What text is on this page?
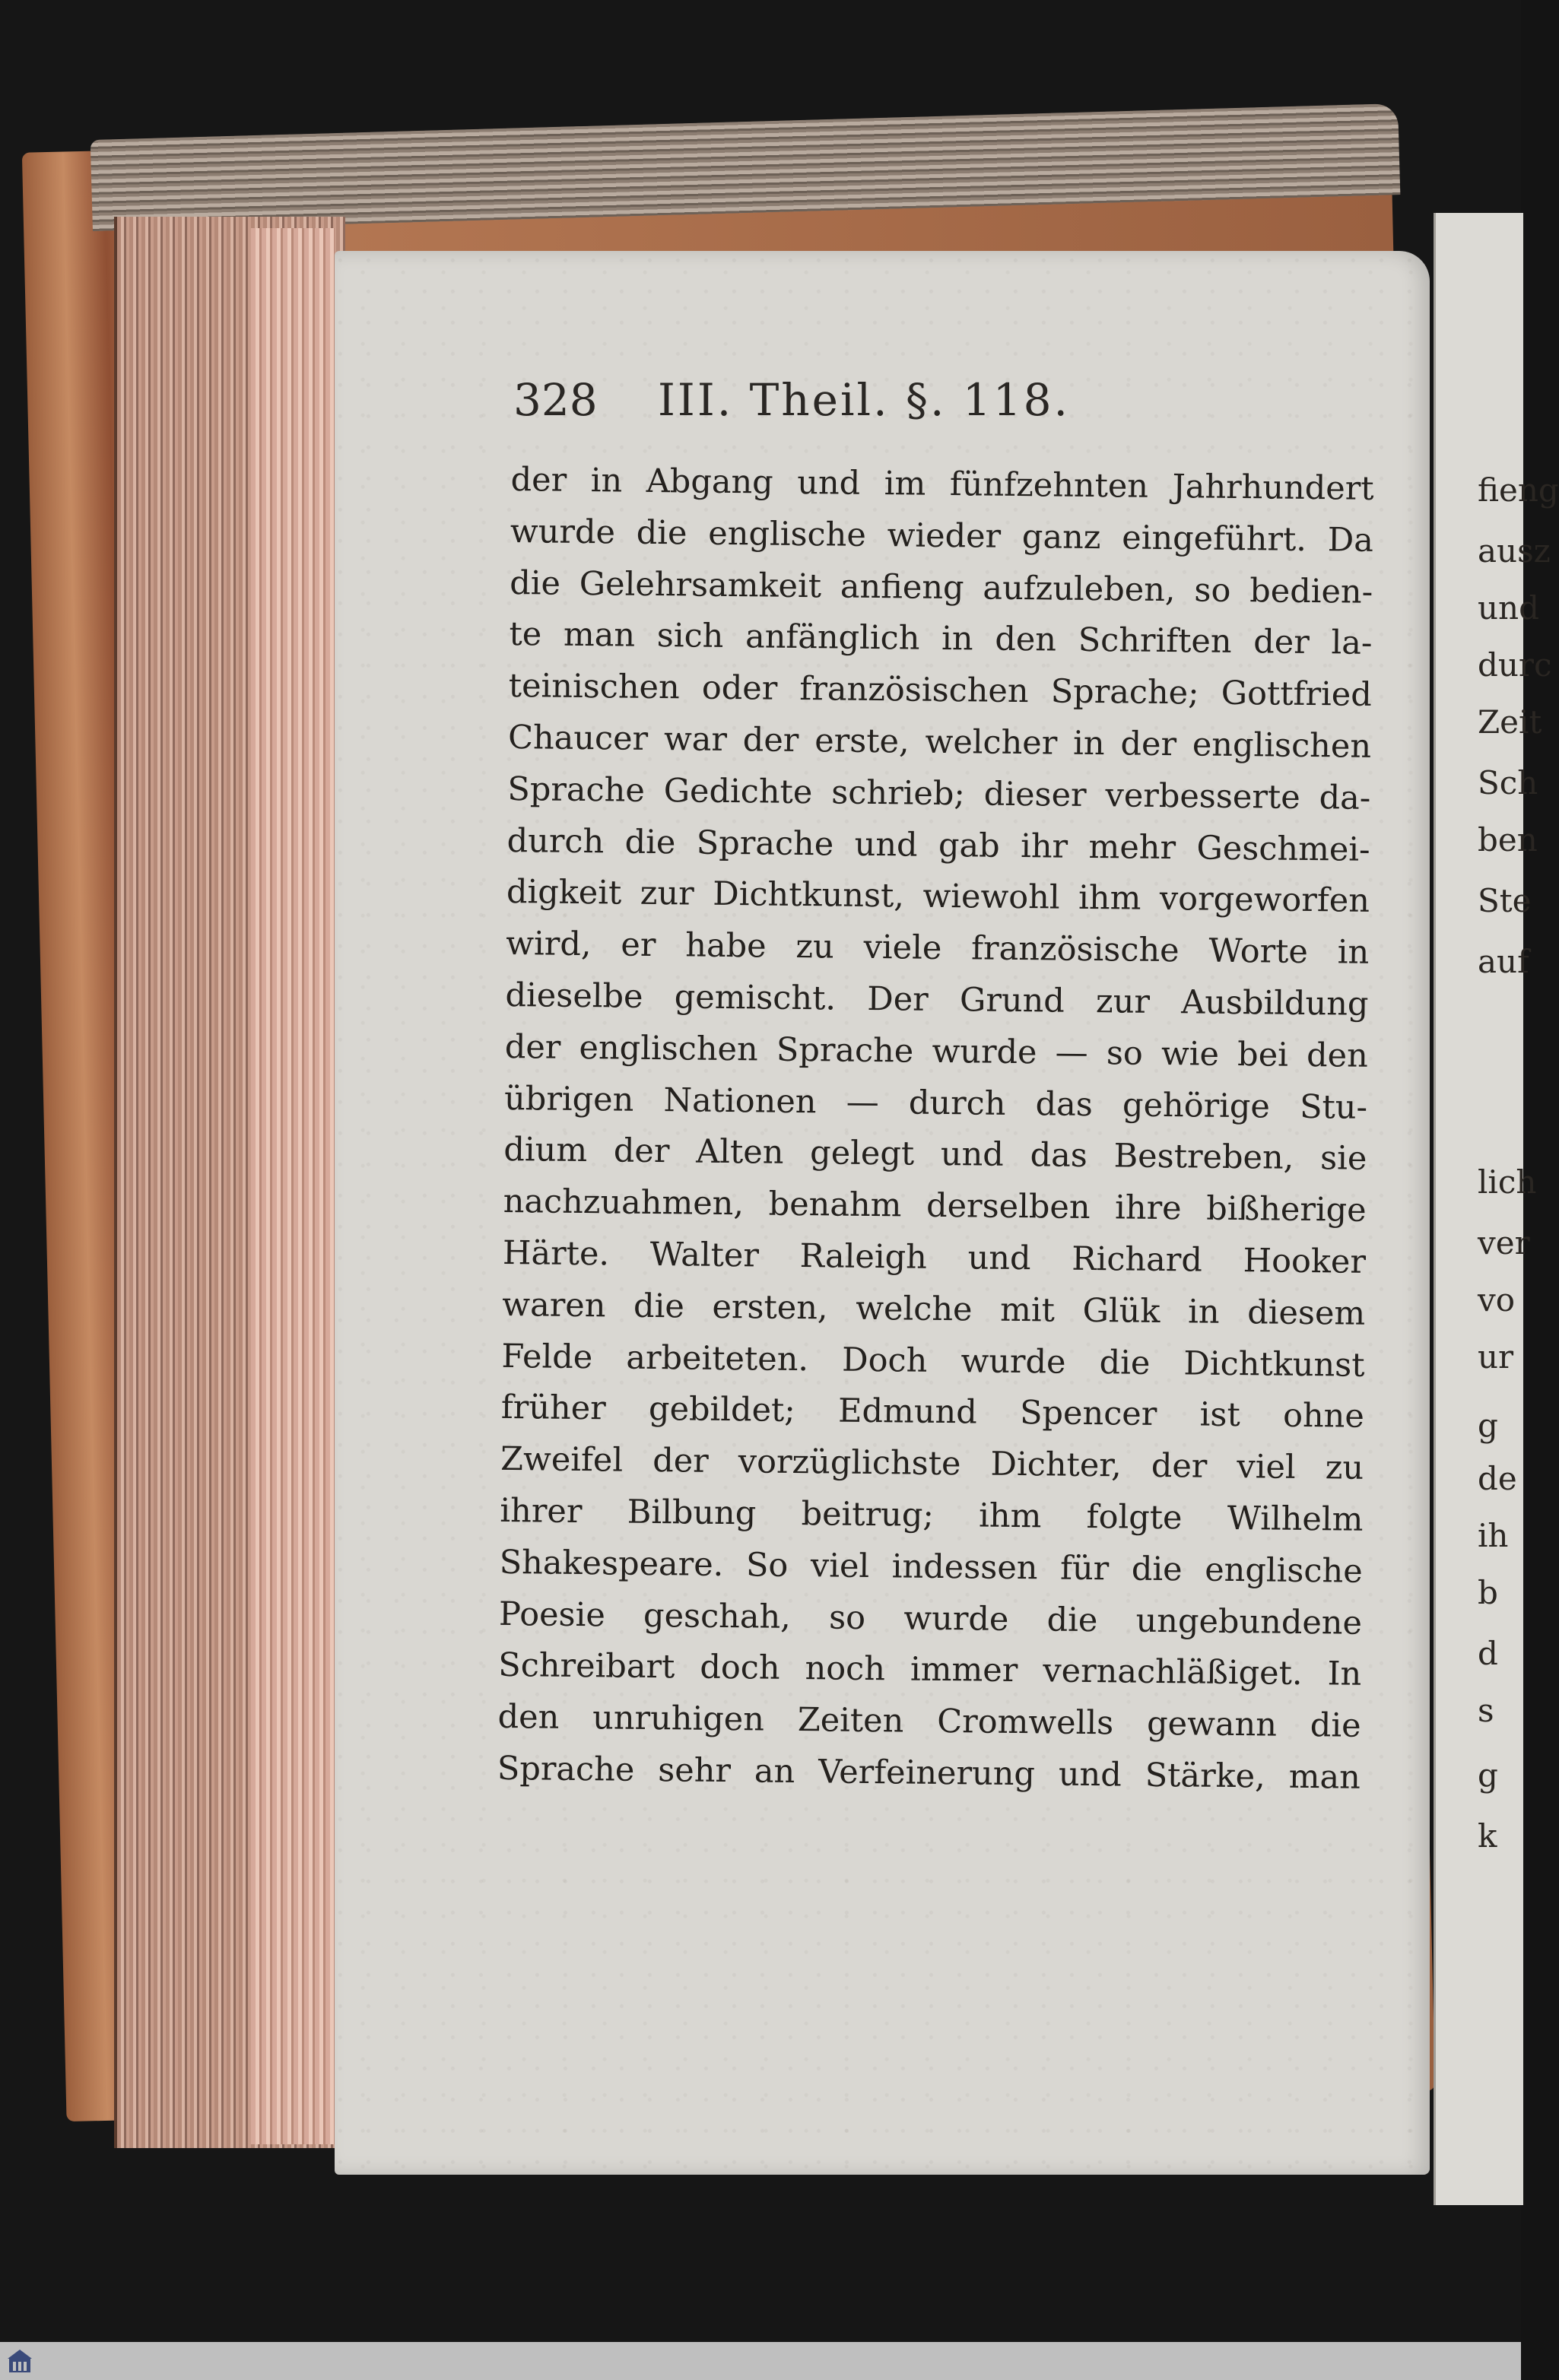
fieng
ausz
und
durc
Zeit
Sch
ben
Ste
auf
lich
ver
vo
ur
g
de
ih
b
d
s
g
k
328	III. Theil. §. 118.
der in Abgang und im fünfzehnten Jahrhundert
wurde die englische wieder ganz eingeführt. Da
die Gelehrsamkeit anfieng aufzuleben, so bedien-
te man sich anfänglich in den Schriften der la-
teinischen oder französischen Sprache; Gottfried
Chaucer war der erste, welcher in der englischen
Sprache Gedichte schrieb; dieser verbesserte da-
durch die Sprache und gab ihr mehr Geschmei-
digkeit zur Dichtkunst, wiewohl ihm vorgeworfen
wird, er habe zu viele französische Worte in
dieselbe gemischt. Der Grund zur Ausbildung
der englischen Sprache wurde — so wie bei den
übrigen Nationen — durch das gehörige Stu-
dium der Alten gelegt und das Bestreben, sie
nachzuahmen, benahm derselben ihre bißherige
Härte. Walter Raleigh und Richard Hooker
waren die ersten, welche mit Glük in diesem
Felde arbeiteten. Doch wurde die Dichtkunst
früher gebildet; Edmund Spencer ist ohne
Zweifel der vorzüglichste Dichter, der viel zu
ihrer Bilbung beitrug; ihm folgte Wilhelm
Shakespeare. So viel indessen für die englische
Poesie geschah, so wurde die ungebundene
Schreibart doch noch immer vernachläßiget. In
den unruhigen Zeiten Cromwells gewann die
Sprache sehr an Verfeinerung und Stärke, man
